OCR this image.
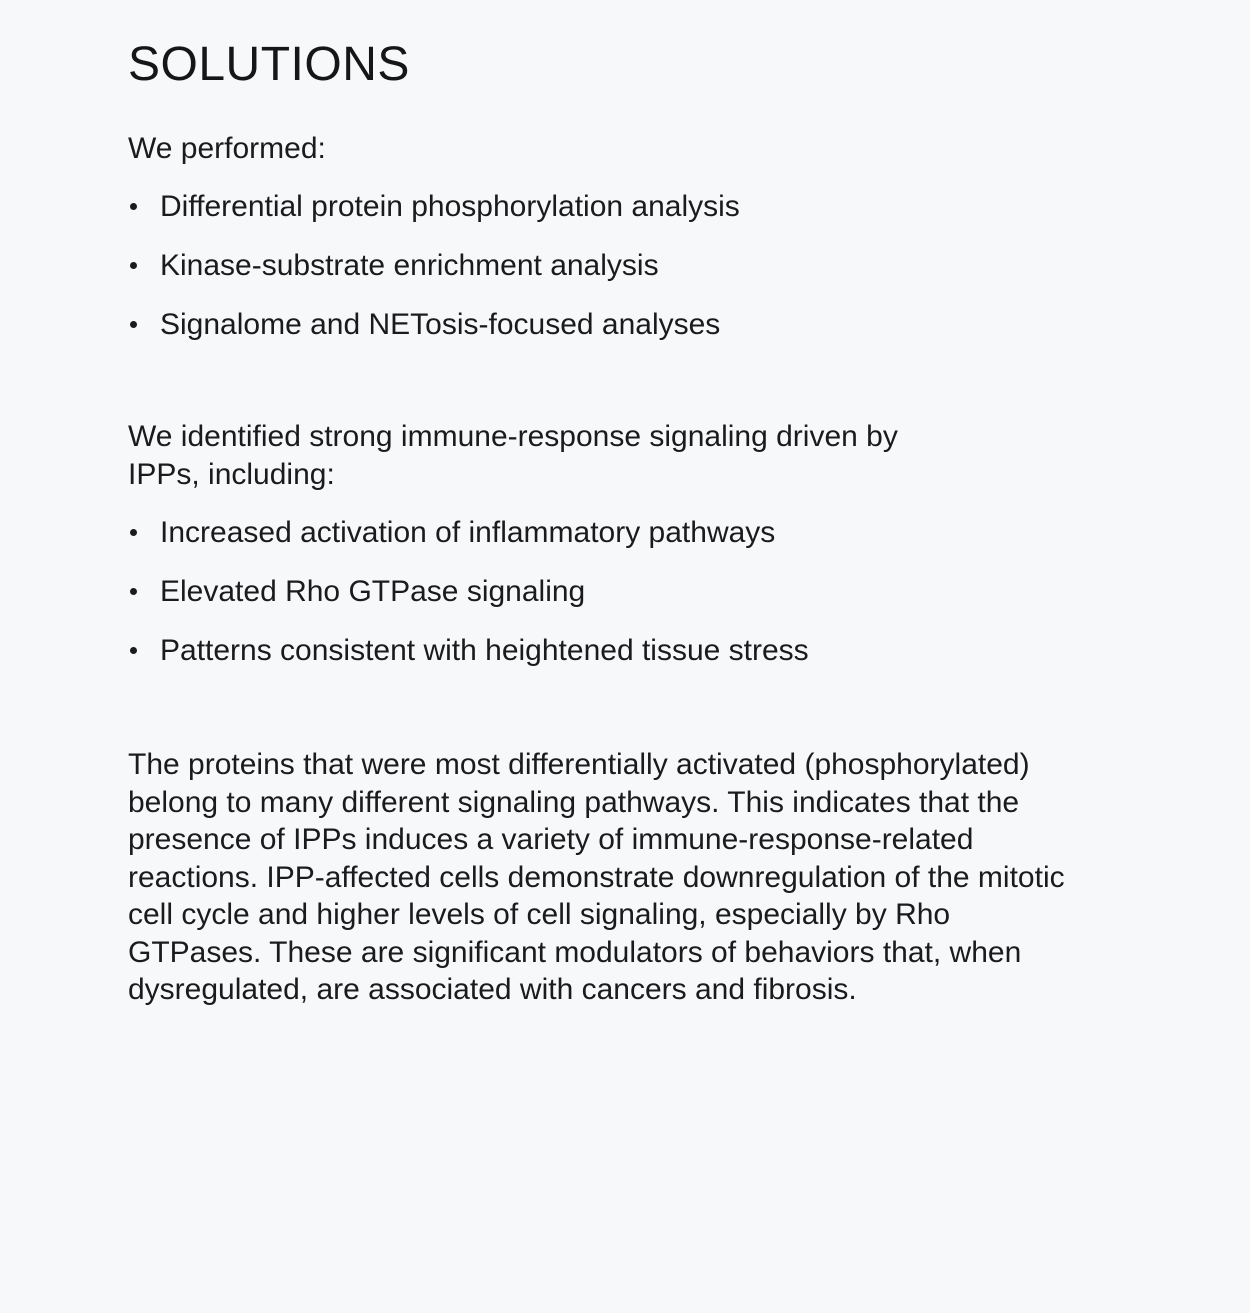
SOLUTIONS

We performed:

Differential protein phosphorylation analysis
Kinase-substrate enrichment analysis
Signalome and NETosis-focused analyses

We identified strong immune-response signaling driven by IPPs, including:

Increased activation of inflammatory pathways
Elevated Rho GTPase signaling
Patterns consistent with heightened tissue stress

The proteins that were most differentially activated (phosphorylated) belong to many different signaling pathways. This indicates that the presence of IPPs induces a variety of immune-response-related reactions. IPP-affected cells demonstrate downregulation of the mitotic cell cycle and higher levels of cell signaling, especially by Rho GTPases. These are significant modulators of behaviors that, when dysregulated, are associated with cancers and fibrosis.
